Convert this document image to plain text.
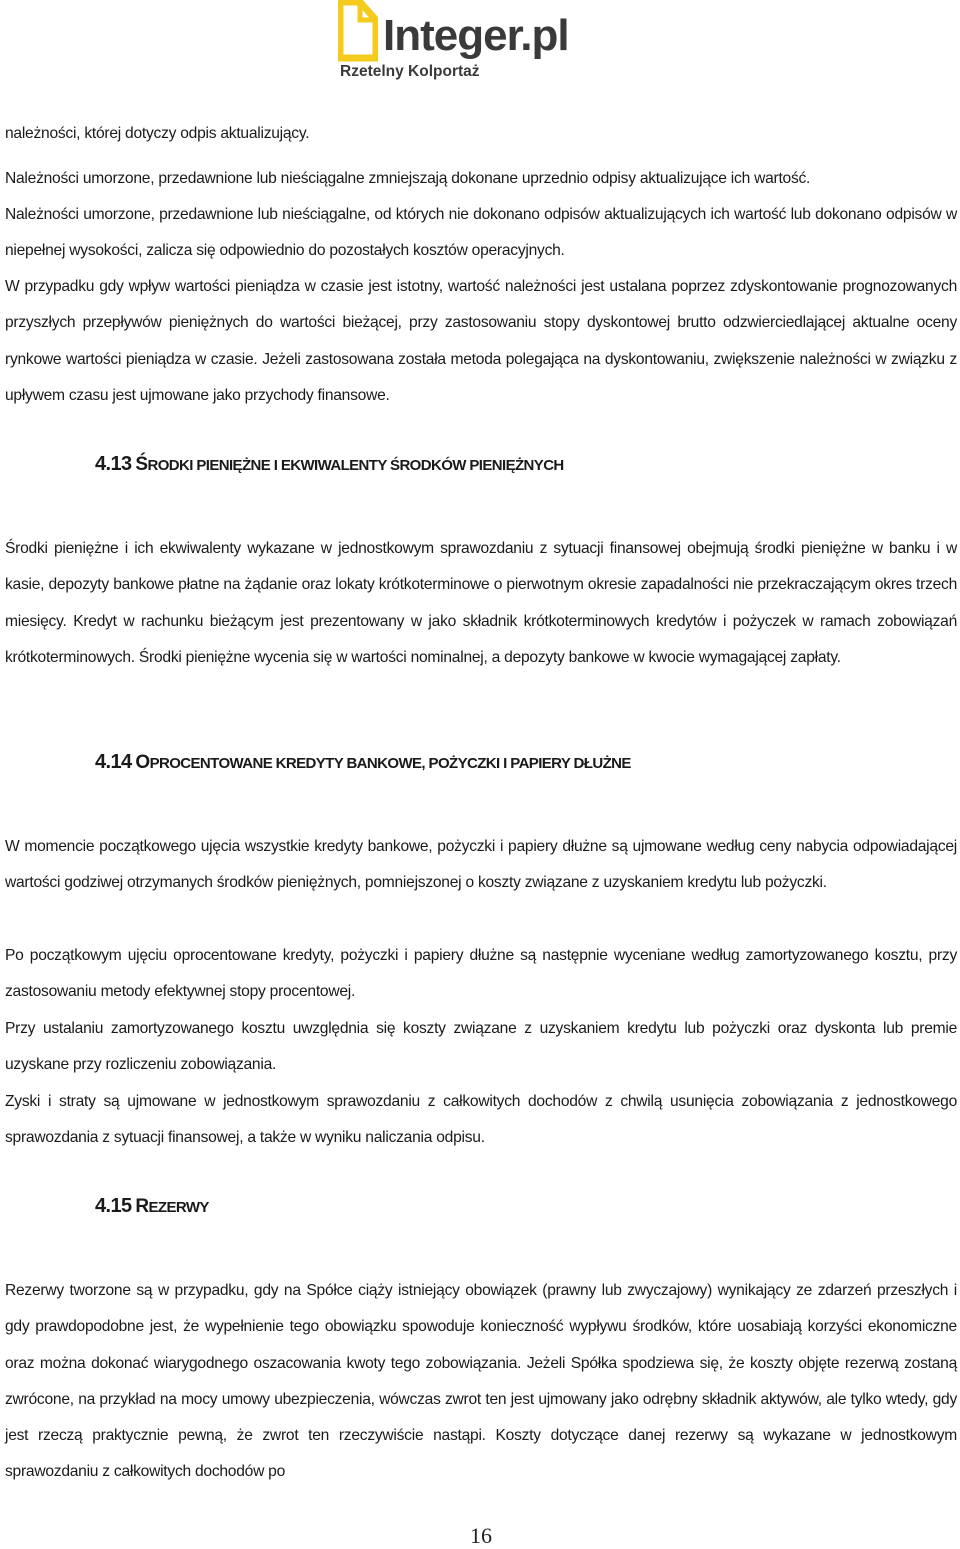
Integer.pl
Rzetelny Kolportaż

należności, której dotyczy odpis aktualizujący.

Należności umorzone, przedawnione lub nieściągalne zmniejszają dokonane uprzednio odpisy aktualizujące ich wartość.

Należności umorzone, przedawnione lub nieściągalne, od których nie dokonano odpisów aktualizujących ich wartość lub dokonano odpisów w niepełnej wysokości, zalicza się odpowiednio do pozostałych kosztów operacyjnych.

W przypadku gdy wpływ wartości pieniądza w czasie jest istotny, wartość należności jest ustalana poprzez zdyskontowanie prognozowanych przyszłych przepływów pieniężnych do wartości bieżącej, przy zastosowaniu stopy dyskontowej brutto odzwierciedlającej aktualne oceny rynkowe wartości pieniądza w czasie. Jeżeli zastosowana została metoda polegająca na dyskontowaniu, zwiększenie należności w związku z upływem czasu jest ujmowane jako przychody finansowe.

4.13 ŚRODKI PIENIĘŻNE I EKWIWALENTY ŚRODKÓW PIENIĘŻNYCH

Środki pieniężne i ich ekwiwalenty wykazane w jednostkowym sprawozdaniu z sytuacji finansowej obejmują środki pieniężne w banku i w kasie, depozyty bankowe płatne na żądanie oraz lokaty krótkoterminowe o pierwotnym okresie zapadalności nie przekraczającym okres trzech miesięcy. Kredyt w rachunku bieżącym jest prezentowany w jako składnik krótkoterminowych kredytów i pożyczek w ramach zobowiązań krótkoterminowych. Środki pieniężne wycenia się w wartości nominalnej, a depozyty bankowe w kwocie wymagającej zapłaty.

4.14 OPROCENTOWANE KREDYTY BANKOWE, POŻYCZKI I PAPIERY DŁUŻNE

W momencie początkowego ujęcia wszystkie kredyty bankowe, pożyczki i papiery dłużne są ujmowane według ceny nabycia odpowiadającej wartości godziwej otrzymanych środków pieniężnych, pomniejszonej o koszty związane z uzyskaniem kredytu lub pożyczki.

Po początkowym ujęciu oprocentowane kredyty, pożyczki i papiery dłużne są następnie wyceniane według zamortyzowanego kosztu, przy zastosowaniu metody efektywnej stopy procentowej.

Przy ustalaniu zamortyzowanego kosztu uwzględnia się koszty związane z uzyskaniem kredytu lub pożyczki oraz dyskonta lub premie uzyskane przy rozliczeniu zobowiązania.

Zyski i straty są ujmowane w jednostkowym sprawozdaniu z całkowitych dochodów z chwilą usunięcia zobowiązania z jednostkowego sprawozdania z sytuacji finansowej, a także w wyniku naliczania odpisu.

4.15 REZERWY

Rezerwy tworzone są w przypadku, gdy na Spółce ciąży istniejący obowiązek (prawny lub zwyczajowy) wynikający ze zdarzeń przeszłych i gdy prawdopodobne jest, że wypełnienie tego obowiązku spowoduje konieczność wypływu środków, które uosabiają korzyści ekonomiczne oraz można dokonać wiarygodnego oszacowania kwoty tego zobowiązania. Jeżeli Spółka spodziewa się, że koszty objęte rezerwą zostaną zwrócone, na przykład na mocy umowy ubezpieczenia, wówczas zwrot ten jest ujmowany jako odrębny składnik aktywów, ale tylko wtedy, gdy jest rzeczą praktycznie pewną, że zwrot ten rzeczywiście nastąpi. Koszty dotyczące danej rezerwy są wykazane w jednostkowym sprawozdaniu z całkowitych dochodów po

16
